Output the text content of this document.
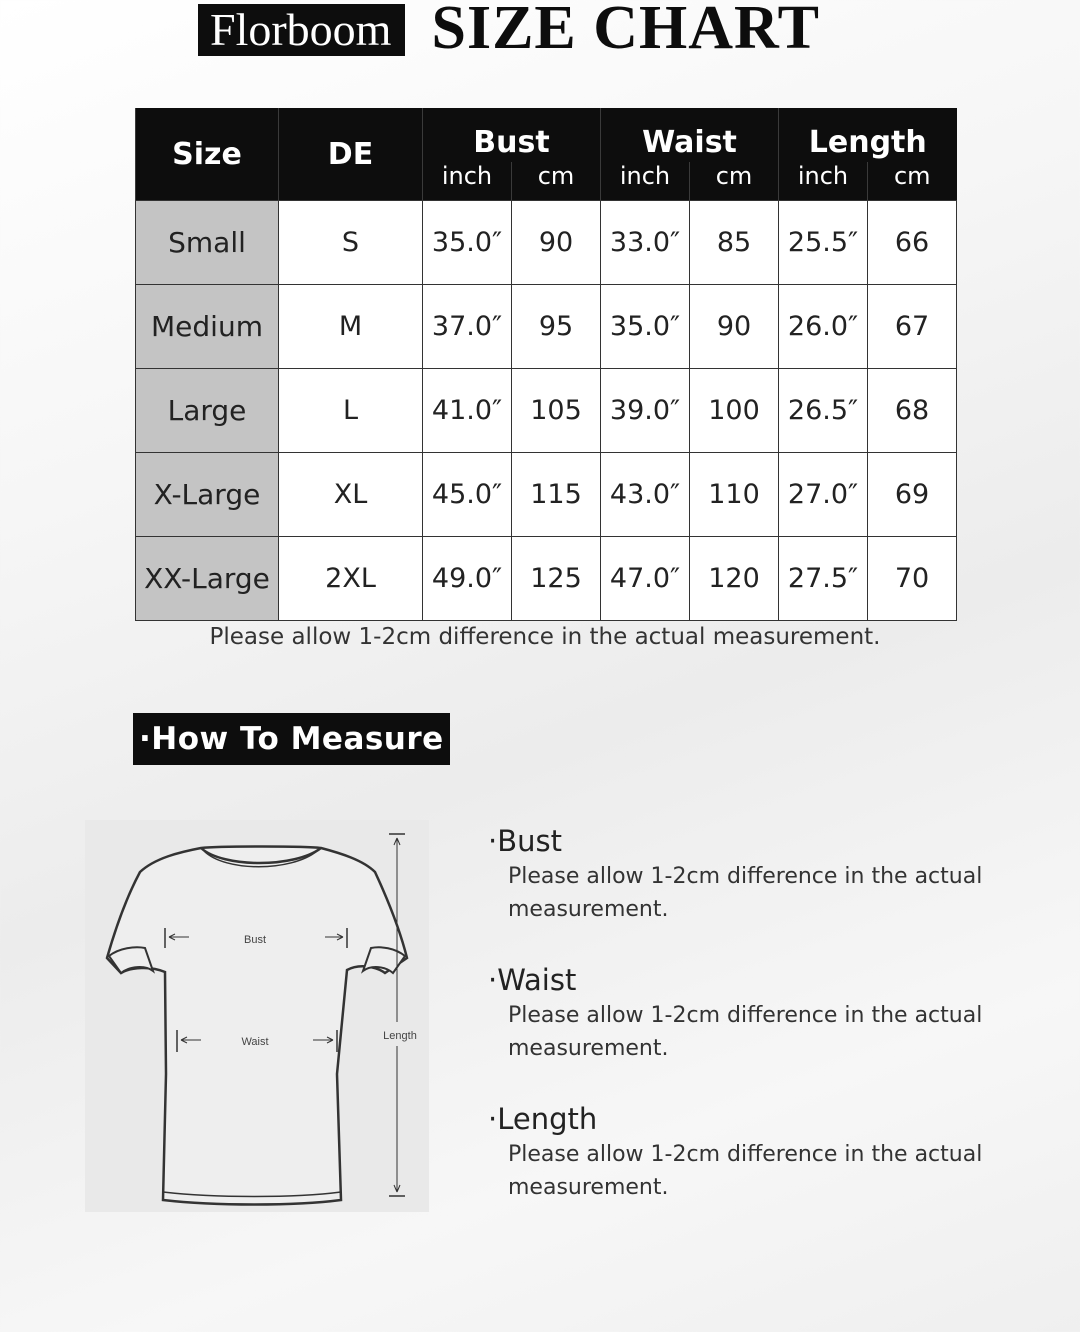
Florboom SIZE CHART
Size	DE	Bust		Waist		Length	
		inch	cm	inch	cm	inch	cm
Small	S	35.0″	90	33.0″	85	25.5″	66
Medium	M	37.0″	95	35.0″	90	26.0″	67
Large	L	41.0″	105	39.0″	100	26.5″	68
X-Large	XL	45.0″	115	43.0″	110	27.0″	69
XX-Large	2XL	49.0″	125	47.0″	120	27.5″	70
Please allow 1-2cm difference in the actual measurement.
·How To Measure
Bust
Waist	Length
·Bust
Please allow 1-2cm difference in the actual measurement.
·Waist
Please allow 1-2cm difference in the actual measurement.
·Length
Please allow 1-2cm difference in the actual measurement.
